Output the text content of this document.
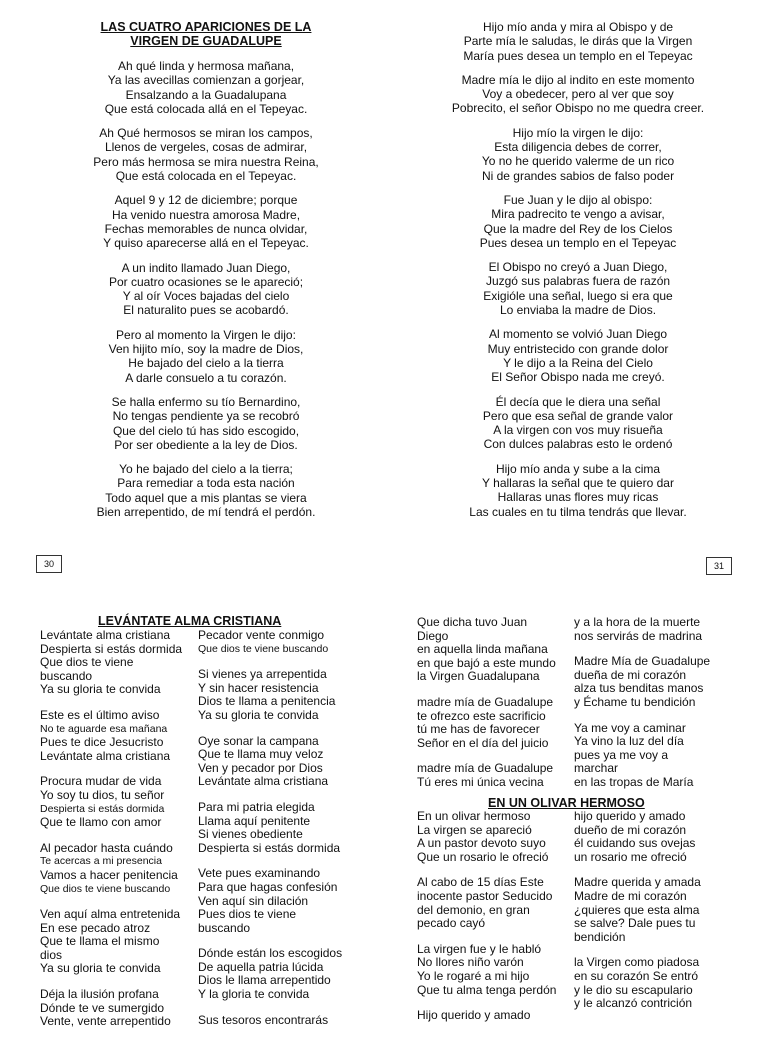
LAS CUATRO APARICIONES DE LA
VIRGEN DE GUADALUPE

Ah qué linda y hermosa mañana,
Ya las avecillas comienzan a gorjear,
Ensalzando a la Guadalupana
Que está colocada allá en el Tepeyac.

Ah Qué hermosos se miran los campos,
Llenos de vergeles, cosas de admirar,
Pero más hermosa se mira nuestra Reina,
Que está colocada en el Tepeyac.

Aquel 9 y 12 de diciembre; porque
Ha venido nuestra amorosa Madre,
Fechas memorables de nunca olvidar,
Y quiso aparecerse allá en el Tepeyac.

A un indito llamado Juan Diego,
Por cuatro ocasiones se le apareció;
Y al oír Voces bajadas del cielo
El naturalito pues se acobardó.

Pero al momento la Virgen le dijo:
Ven hijito mío, soy la madre de Dios,
He bajado del cielo a la tierra
A darle consuelo a tu corazón.

Se halla enfermo su tío Bernardino,
No tengas pendiente ya se recobró
Que del cielo tú has sido escogido,
Por ser obediente a la ley de Dios.

Yo he bajado del cielo a la tierra;
Para remediar a toda esta nación
Todo aquel que a mis plantas se viera
Bien arrepentido, de mí tendrá el perdón.

Hijo mío anda y mira al Obispo y de
Parte mía le saludas, le dirás que la Virgen
María pues desea un templo en el Tepeyac

Madre mía le dijo al indito en este momento
Voy a obedecer, pero al ver que soy
Pobrecito, el señor Obispo no me quedra creer.

Hijo mío la virgen le dijo:
Esta diligencia debes de correr,
Yo no he querido valerme de un rico
Ni de grandes sabios de falso poder

Fue Juan y le dijo al obispo:
Mira padrecito te vengo a avisar,
Que la madre del Rey de los Cielos
Pues desea un templo en el Tepeyac

El Obispo no creyó a Juan Diego,
Juzgó sus palabras fuera de razón
Exigióle una señal, luego si era que
Lo enviaba la madre de Dios.

Al momento se volvió Juan Diego
Muy entristecido con grande dolor
Y le dijo a la Reina del Cielo
El Señor Obispo nada me creyó.

Él decía que le diera una señal
Pero que esa señal de grande valor
A la virgen con vos muy risueña
Con dulces palabras esto le ordenó

Hijo mío anda y sube a la cima
Y hallaras la señal que te quiero dar
Hallaras unas flores muy ricas
Las cuales en tu tilma tendrás que llevar.

30	31
LEVÁNTATE ALMA CRISTIANA
Levántate alma cristiana
Despierta si estás dormida
Que dios te viene
buscando
Ya su gloria te convida
Este es el último aviso
No te aguarde esa mañana
Pues te dice Jesucristo
Levántate alma cristiana
Procura mudar de vida
Yo soy tu dios, tu señor
Despierta si estás dormida
Que te llamo con amor
Al pecador hasta cuándo
Te acercas a mi presencia
Vamos a hacer penitencia
Que dios te viene buscando
Ven aquí alma entretenida
En ese pecado atroz
Que te llama el mismo
dios
Ya su gloria te convida
Déja la ilusión profana
Dónde te ve sumergido
Vente, vente arrepentido
Pecador vente conmigo
Que dios te viene buscando
Si vienes ya arrepentida
Y sin hacer resistencia
Dios te llama a penitencia
Ya su gloria te convida
Oye sonar la campana
Que te llama muy veloz
Ven y pecador por Dios
Levántate alma cristiana
Para mi patria elegida
Llama aquí penitente
Si vienes obediente
Despierta si estás dormida
Vete pues examinando
Para que hagas confesión
Ven aquí sin dilación
Pues dios te viene
buscando
Dónde están los escogidos
De aquella patria lúcida
Dios le llama arrepentido
Y la gloria te convida
Sus tesoros encontrarás
Que dicha tuvo Juan
Diego
en aquella linda mañana
en que bajó a este mundo
la Virgen Guadalupana
madre mía de Guadalupe
te ofrezco este sacrificio
tú me has de favorecer
Señor en el día del juicio
madre mía de Guadalupe
Tú eres mi única vecina
y a la hora de la muerte
nos servirás de madrina
Madre Mía de Guadalupe
dueña de mi corazón
alza tus benditas manos
y Échame tu bendición
Ya me voy a caminar
Ya vino la luz del día
pues ya me voy a
marchar
en las tropas de María
EN UN OLIVAR HERMOSO
En un olivar hermoso
La virgen se apareció
A un pastor devoto suyo
Que un rosario le ofreció
Al cabo de 15 días Este
inocente pastor Seducido
del demonio, en gran
pecado cayó
La virgen fue y le habló
No llores niño varón
Yo le rogaré a mi hijo
Que tu alma tenga perdón
Hijo querido y amado
hijo querido y amado
dueño de mi corazón
él cuidando sus ovejas
un rosario me ofreció
Madre querida y amada
Madre de mi corazón
¿quieres que esta alma
se salve? Dale pues tu
bendición
la Virgen como piadosa
en su corazón Se entró
y le dio su escapulario
y le alcanzó contrición
